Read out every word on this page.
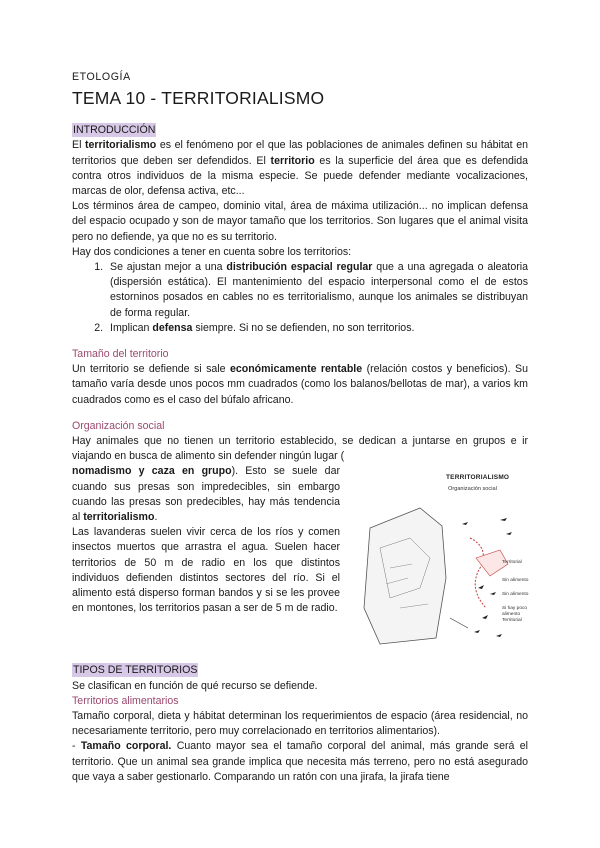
ETOLOGÍA

TEMA 10 - TERRITORIALISMO
INTRODUCCIÓN

El territorialismo es el fenómeno por el que las poblaciones de animales definen su hábitat en territorios que deben ser defendidos. El territorio es la superficie del área que es defendida contra otros individuos de la misma especie. Se puede defender mediante vocalizaciones, marcas de olor, defensa activa, etc...

Los términos área de campeo, dominio vital, área de máxima utilización... no implican defensa del espacio ocupado y son de mayor tamaño que los territorios. Son lugares que el animal visita pero no defiende, ya que no es su territorio.

Hay dos condiciones a tener en cuenta sobre los territorios:

1. Se ajustan mejor a una distribución espacial regular que a una agregada o aleatoria (dispersión estática). El mantenimiento del espacio interpersonal como el de estos estorninos posados en cables no es territorialismo, aunque los animales se distribuyan de forma regular.
2. Implican defensa siempre. Si no se defienden, no son territorios.
Tamaño del territorio

Un territorio se defiende si sale económicamente rentable (relación costos y beneficios). Su tamaño varía desde unos pocos mm cuadrados (como los balanos/bellotas de mar), a varios km cuadrados como es el caso del búfalo africano.

Organización social

Hay animales que no tienen un territorio establecido, se dedican a juntarse en grupos e ir viajando en busca de alimento sin defender ningún lugar (

TERRITORIALISMO
Organización social
Territorial
Sin alimento
Sin alimento
Si hay poco alimento
Territorial

nomadismo y caza en grupo). Esto se suele dar cuando sus presas son impredecibles, sin embargo cuando las presas son predecibles, hay más tendencia al territorialismo.

Las lavanderas suelen vivir cerca de los ríos y comen insectos muertos que arrastra el agua. Suelen hacer territorios de 50 m de radio en los que distintos individuos defienden distintos sectores del río. Si el alimento está disperso forman bandos y si se les provee en montones, los territorios pasan a ser de 5 m de radio.

TIPOS DE TERRITORIOS

Se clasifican en función de qué recurso se defiende.

Territorios alimentarios

Tamaño corporal, dieta y hábitat determinan los requerimientos de espacio (área residencial, no necesariamente territorio, pero muy correlacionado en territorios alimentarios).

- Tamaño corporal. Cuanto mayor sea el tamaño corporal del animal, más grande será el territorio. Que un animal sea grande implica que necesita más terreno, pero no está asegurado que vaya a saber gestionarlo. Comparando un ratón con una jirafa, la jirafa tiene
